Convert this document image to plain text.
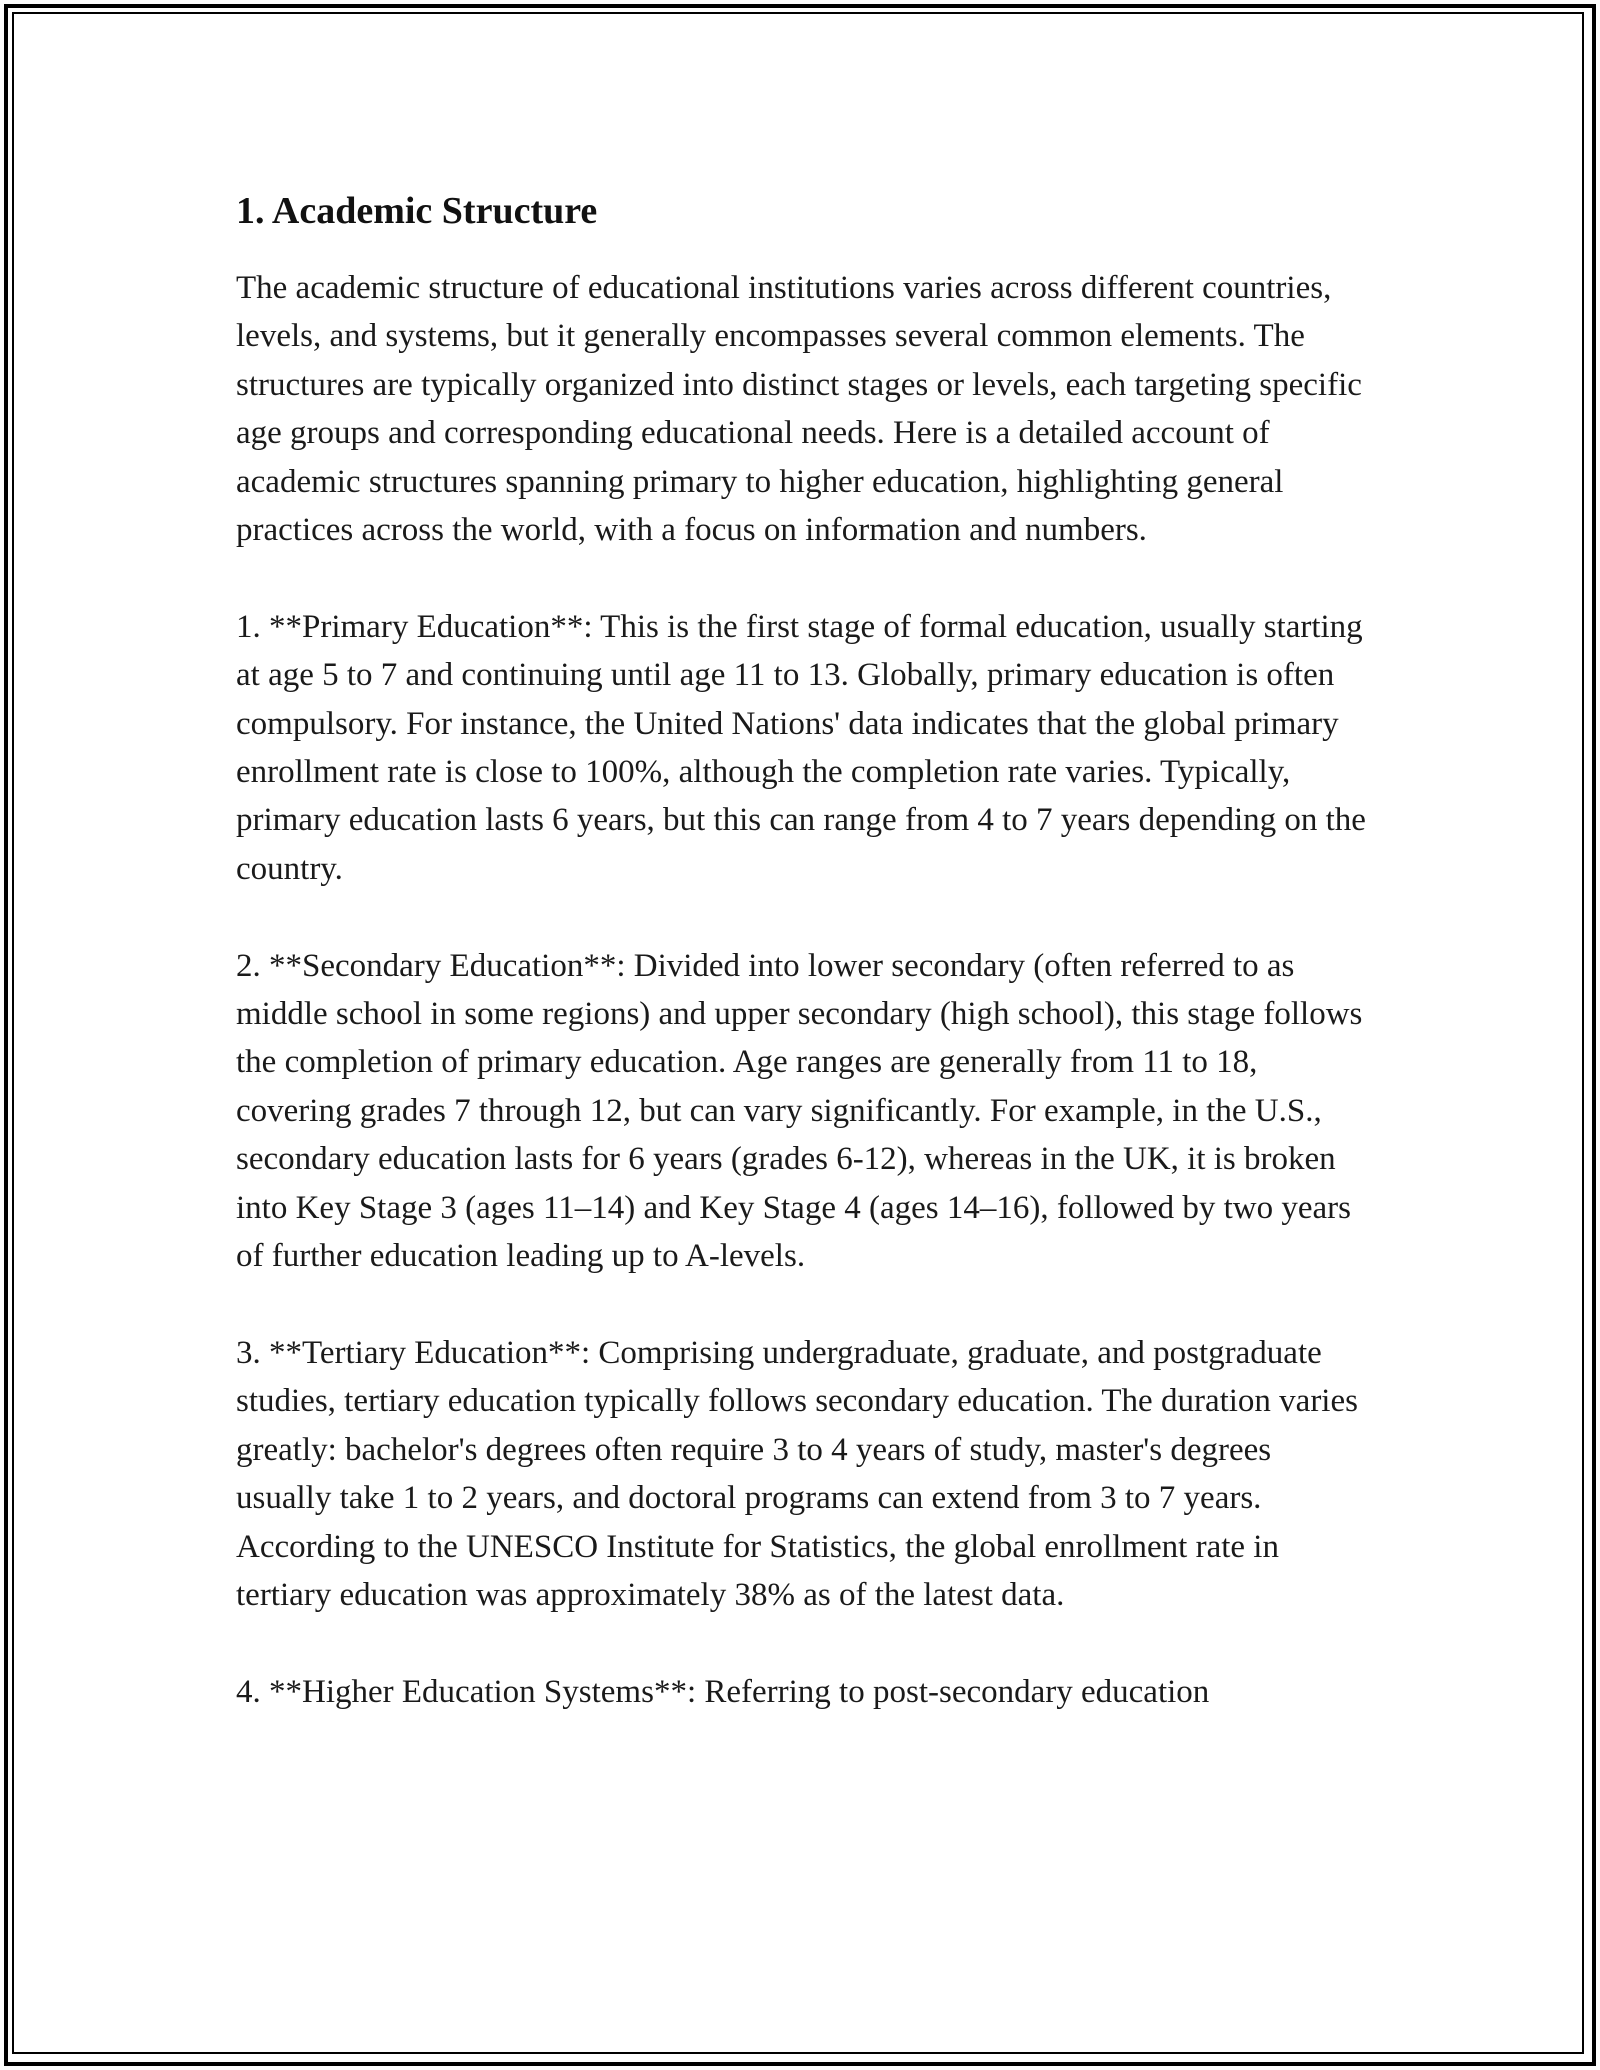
1. Academic Structure

The academic structure of educational institutions varies across different countries, levels, and systems, but it generally encompasses several common elements. The structures are typically organized into distinct stages or levels, each targeting specific age groups and corresponding educational needs. Here is a detailed account of academic structures spanning primary to higher education, highlighting general practices across the world, with a focus on information and numbers.

1. **Primary Education**: This is the first stage of formal education, usually starting at age 5 to 7 and continuing until age 11 to 13. Globally, primary education is often compulsory. For instance, the United Nations' data indicates that the global primary enrollment rate is close to 100%, although the completion rate varies. Typically, primary education lasts 6 years, but this can range from 4 to 7 years depending on the country.

2. **Secondary Education**: Divided into lower secondary (often referred to as middle school in some regions) and upper secondary (high school), this stage follows the completion of primary education. Age ranges are generally from 11 to 18, covering grades 7 through 12, but can vary significantly. For example, in the U.S., secondary education lasts for 6 years (grades 6-12), whereas in the UK, it is broken into Key Stage 3 (ages 11–14) and Key Stage 4 (ages 14–16), followed by two years of further education leading up to A-levels.

3. **Tertiary Education**: Comprising undergraduate, graduate, and postgraduate studies, tertiary education typically follows secondary education. The duration varies greatly: bachelor's degrees often require 3 to 4 years of study, master's degrees usually take 1 to 2 years, and doctoral programs can extend from 3 to 7 years. According to the UNESCO Institute for Statistics, the global enrollment rate in tertiary education was approximately 38% as of the latest data.

4. **Higher Education Systems**: Referring to post-secondary education
